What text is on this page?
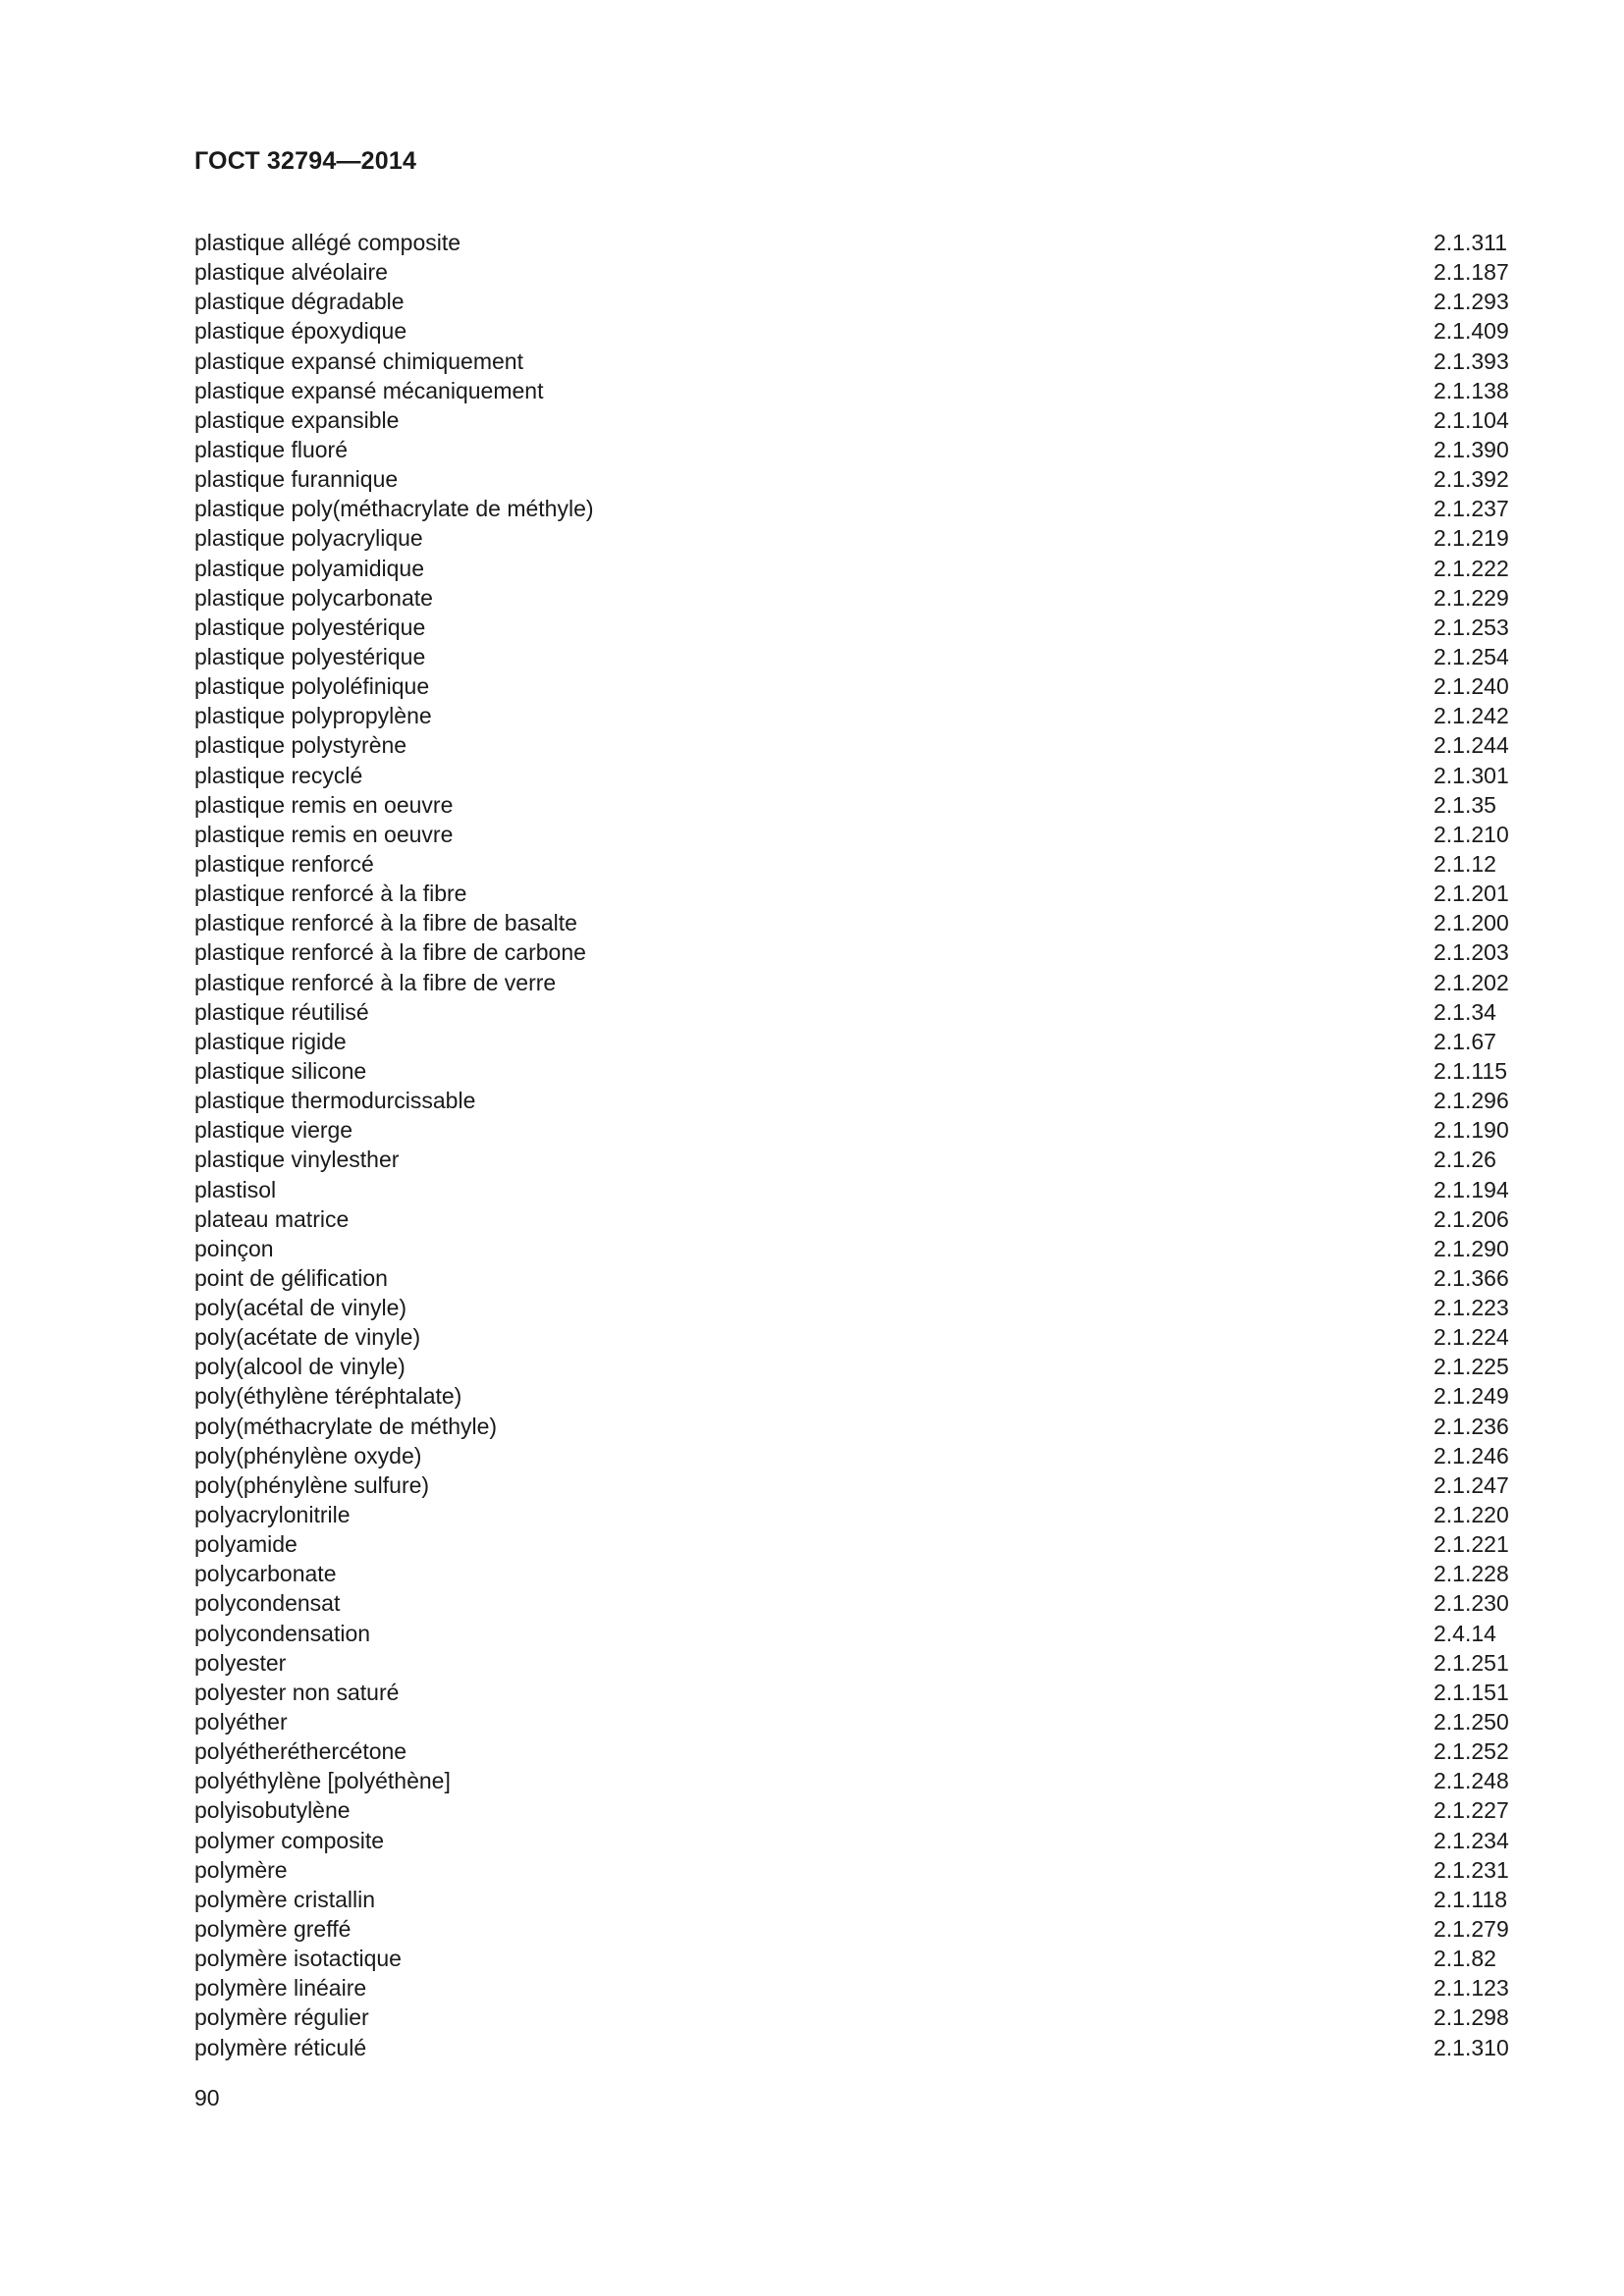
ГОСТ 32794—2014
plastique allégé composite	2.1.311
plastique alvéolaire	2.1.187
plastique dégradable	2.1.293
plastique époxydique	2.1.409
plastique expansé chimiquement	2.1.393
plastique expansé mécaniquement	2.1.138
plastique expansible	2.1.104
plastique fluoré	2.1.390
plastique furannique	2.1.392
plastique poly(méthacrylate de méthyle)	2.1.237
plastique polyacrylique	2.1.219
plastique polyamidique	2.1.222
plastique polycarbonate	2.1.229
plastique polyestérique	2.1.253
plastique polyestérique	2.1.254
plastique polyoléfinique	2.1.240
plastique polypropylène	2.1.242
plastique polystyrène	2.1.244
plastique recyclé	2.1.301
plastique remis en oeuvre	2.1.35
plastique remis en oeuvre	2.1.210
plastique renforcé	2.1.12
plastique renforcé à la fibre	2.1.201
plastique renforcé à la fibre de basalte	2.1.200
plastique renforcé à la fibre de carbone	2.1.203
plastique renforcé à la fibre de verre	2.1.202
plastique réutilisé	2.1.34
plastique rigide	2.1.67
plastique silicone	2.1.115
plastique thermodurcissable	2.1.296
plastique vierge	2.1.190
plastique vinylesther	2.1.26
plastisol	2.1.194
plateau matrice	2.1.206
poinçon	2.1.290
point de gélification	2.1.366
poly(acétal de vinyle)	2.1.223
poly(acétate de vinyle)	2.1.224
poly(alcool de vinyle)	2.1.225
poly(éthylène téréphtalate)	2.1.249
poly(méthacrylate de méthyle)	2.1.236
poly(phénylène oxyde)	2.1.246
poly(phénylène sulfure)	2.1.247
polyacrylonitrile	2.1.220
polyamide	2.1.221
polycarbonate	2.1.228
polycondensat	2.1.230
polycondensation	2.4.14
polyester	2.1.251
polyester non saturé	2.1.151
polyéther	2.1.250
polyétheréthercétone	2.1.252
polyéthylène [polyéthène]	2.1.248
polyisobutylène	2.1.227
polymer composite	2.1.234
polymère	2.1.231
polymère cristallin	2.1.118
polymère greffé	2.1.279
polymère isotactique	2.1.82
polymère linéaire	2.1.123
polymère régulier	2.1.298
polymère réticulé	2.1.310
90
